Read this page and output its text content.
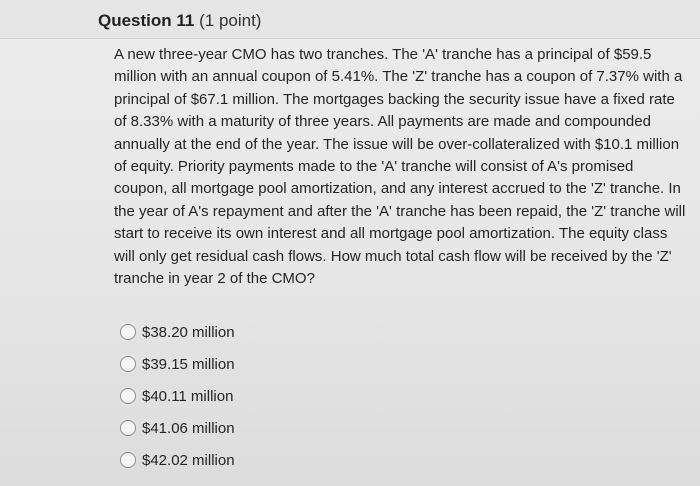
Question 11 (1 point)

A new three-year CMO has two tranches. The 'A' tranche has a principal of $59.5 million with an annual coupon of 5.41%. The 'Z' tranche has a coupon of 7.37% with a principal of $67.1 million. The mortgages backing the security issue have a fixed rate of 8.33% with a maturity of three years. All payments are made and compounded annually at the end of the year. The issue will be over-collateralized with $10.1 million of equity. Priority payments made to the 'A' tranche will consist of A's promised coupon, all mortgage pool amortization, and any interest accrued to the 'Z' tranche. In the year of A's repayment and after the 'A' tranche has been repaid, the 'Z' tranche will start to receive its own interest and all mortgage pool amortization. The equity class will only get residual cash flows. How much total cash flow will be received by the 'Z' tranche in year 2 of the CMO?

$38.20 million
$39.15 million
$40.11 million
$41.06 million
$42.02 million
